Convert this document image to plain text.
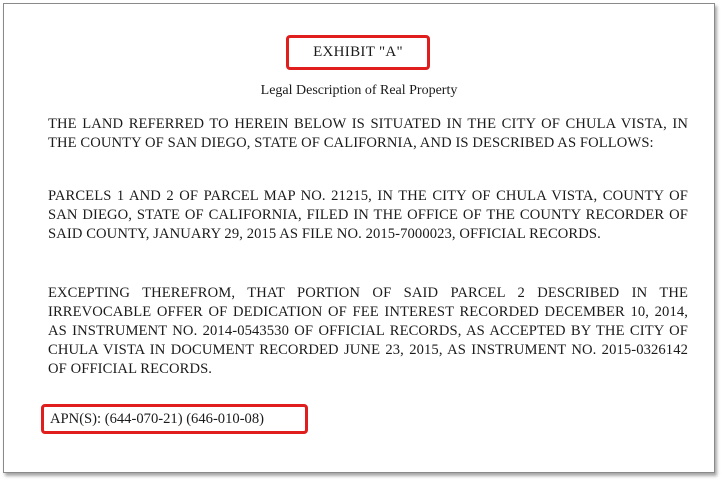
EXHIBIT "A"
Legal Description of Real Property
THE LAND REFERRED TO HEREIN BELOW IS SITUATED IN THE CITY OF CHULA VISTA, IN THE COUNTY OF SAN DIEGO, STATE OF CALIFORNIA, AND IS DESCRIBED AS FOLLOWS:
PARCELS 1 AND 2 OF PARCEL MAP NO. 21215, IN THE CITY OF CHULA VISTA, COUNTY OF SAN DIEGO, STATE OF CALIFORNIA, FILED IN THE OFFICE OF THE COUNTY RECORDER OF SAID COUNTY, JANUARY 29, 2015 AS FILE NO. 2015-7000023, OFFICIAL RECORDS.
EXCEPTING THEREFROM, THAT PORTION OF SAID PARCEL 2 DESCRIBED IN THE IRREVOCABLE OFFER OF DEDICATION OF FEE INTEREST RECORDED DECEMBER 10, 2014, AS INSTRUMENT NO. 2014-0543530 OF OFFICIAL RECORDS, AS ACCEPTED BY THE CITY OF CHULA VISTA IN DOCUMENT RECORDED JUNE 23, 2015, AS INSTRUMENT NO. 2015-0326142 OF OFFICIAL RECORDS.
APN(S): (644-070-21) (646-010-08)
